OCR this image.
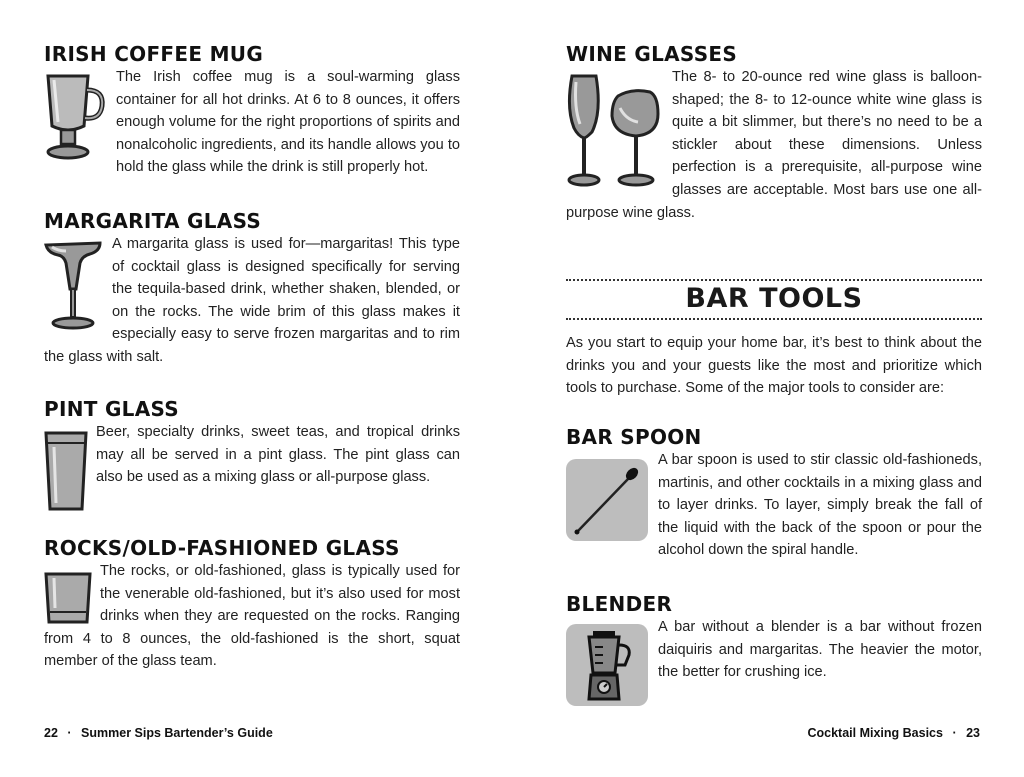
IRISH COFFEE MUG

The Irish coffee mug is a soul-warming glass container for all hot drinks. At 6 to 8 ounces, it offers enough volume for the right proportions of spirits and nonalcoholic ingredients, and its handle allows you to hold the glass while the drink is still properly hot.

MARGARITA GLASS

A margarita glass is used for—margaritas! This type of cocktail glass is designed specifically for serving the tequila-based drink, whether shaken, blended, or on the rocks. The wide brim of this glass makes it especially easy to serve frozen margaritas and to rim the glass with salt.

PINT GLASS

Beer, specialty drinks, sweet teas, and tropical drinks may all be served in a pint glass. The pint glass can also be used as a mixing glass or all-purpose glass.

ROCKS/OLD-FASHIONED GLASS

The rocks, or old-fashioned, glass is typically used for the venerable old-fashioned, but it’s also used for most drinks when they are requested on the rocks. Ranging from 4 to 8 ounces, the old-fashioned is the short, squat member of the glass team.

22 · Summer Sips Bartender’s Guide
WINE GLASSES

The 8- to 20-ounce red wine glass is balloon-shaped; the 8- to 12-ounce white wine glass is quite a bit slimmer, but there’s no need to be a stickler about these dimensions. Unless perfection is a prerequisite, all-purpose wine glasses are acceptable. Most bars use one all-purpose wine glass.

BAR TOOLS

As you start to equip your home bar, it’s best to think about the drinks you and your guests like the most and prioritize which tools to purchase. Some of the major tools to consider are:

BAR SPOON

A bar spoon is used to stir classic old-fashioneds, martinis, and other cocktails in a mixing glass and to layer drinks. To layer, simply break the fall of the liquid with the back of the spoon or pour the alcohol down the spiral handle.

BLENDER

A bar without a blender is a bar without frozen daiquiris and margaritas. The heavier the motor, the better for crushing ice.

Cocktail Mixing Basics · 23
